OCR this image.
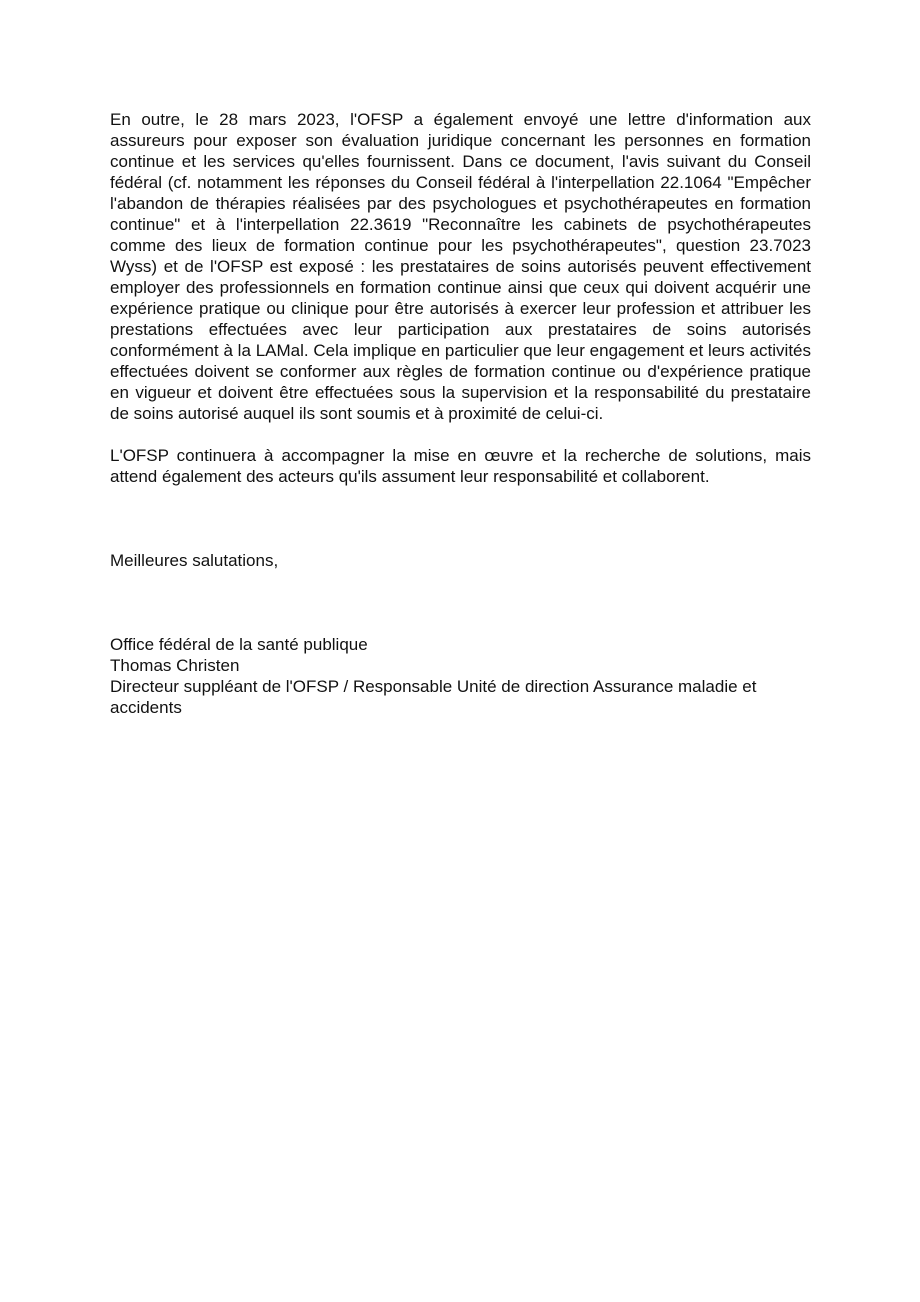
En outre, le 28 mars 2023, l'OFSP a également envoyé une lettre d'information aux assureurs pour exposer son évaluation juridique concernant les personnes en formation continue et les services qu'elles fournissent. Dans ce document, l'avis suivant du Conseil fédéral (cf. notamment les réponses du Conseil fédéral à l'interpellation 22.1064 "Empêcher l'abandon de thérapies réalisées par des psychologues et psychothérapeutes en formation continue" et à l'interpellation 22.3619 "Reconnaître les cabinets de psychothérapeutes comme des lieux de formation continue pour les psychothérapeutes", question 23.7023 Wyss) et de l'OFSP est exposé : les prestataires de soins autorisés peuvent effectivement employer des professionnels en formation continue ainsi que ceux qui doivent acquérir une expérience pratique ou clinique pour être autorisés à exercer leur profession et attribuer les prestations effectuées avec leur participation aux prestataires de soins autorisés conformément à la LAMal. Cela implique en particulier que leur engagement et leurs activités effectuées doivent se conformer aux règles de formation continue ou d'expérience pratique en vigueur et doivent être effectuées sous la supervision et la responsabilité du prestataire de soins autorisé auquel ils sont soumis et à proximité de celui-ci.

L'OFSP continuera à accompagner la mise en œuvre et la recherche de solutions, mais attend également des acteurs qu'ils assument leur responsabilité et collaborent.

Meilleures salutations,

Office fédéral de la santé publique
Thomas Christen
Directeur suppléant de l'OFSP / Responsable Unité de direction Assurance maladie et accidents
